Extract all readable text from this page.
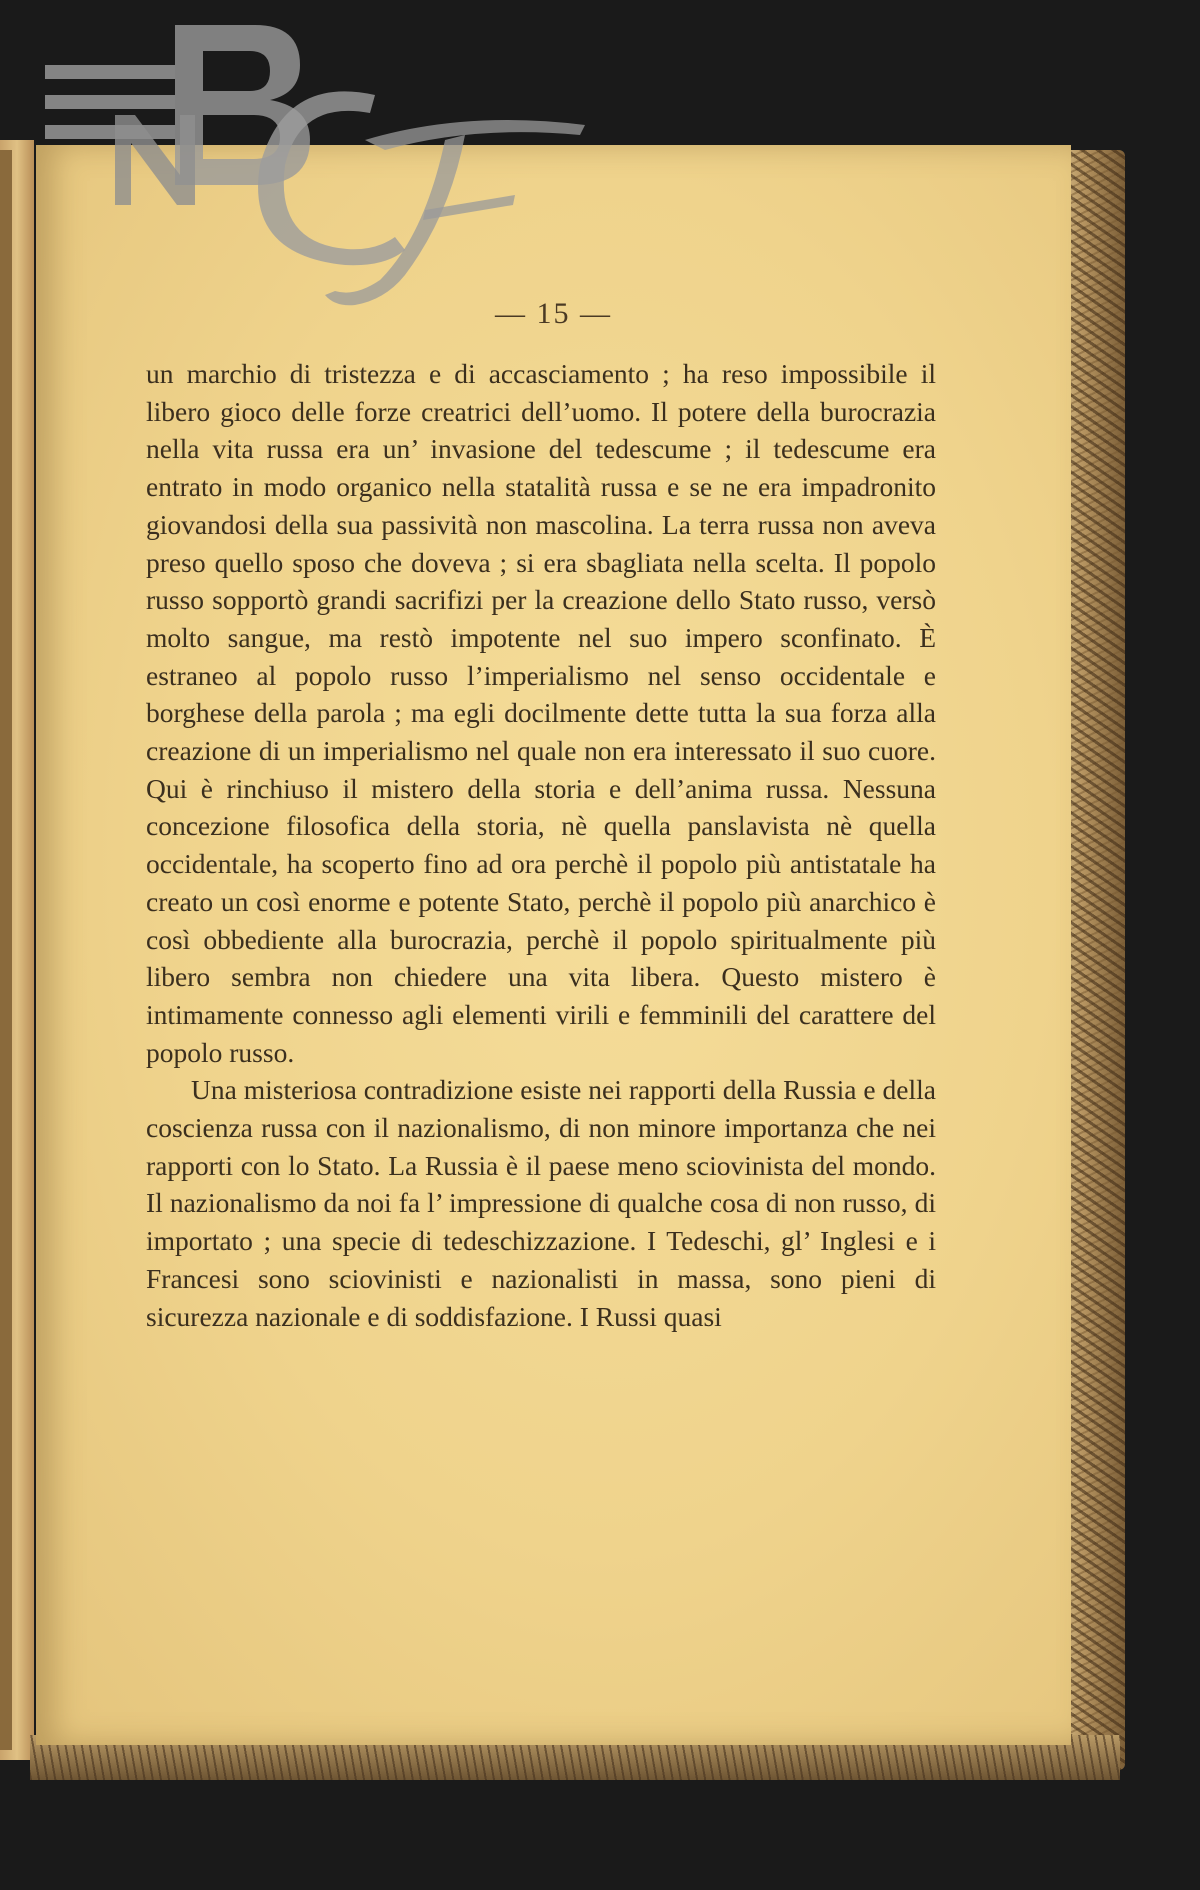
— 15 —

un marchio di tristezza e di accasciamento ; ha reso impossibile il libero gioco delle forze creatrici dell’uomo. Il potere della burocrazia nella vita russa era un’ invasione del tedescume ; il tedescume era entrato in modo organico nella statalità russa e se ne era impadronito giovandosi della sua passività non mascolina. La terra russa non aveva preso quello sposo che doveva ; si era sbagliata nella scelta. Il popolo russo sopportò grandi sacrifizi per la creazione dello Stato russo, versò molto sangue, ma restò impotente nel suo impero sconfinato. È estraneo al popolo russo l’imperialismo nel senso occidentale e borghese della parola ; ma egli docilmente dette tutta la sua forza alla creazione di un imperialismo nel quale non era interessato il suo cuore. Qui è rinchiuso il mistero della storia e dell’anima russa. Nessuna concezione filosofica della storia, nè quella panslavista nè quella occidentale, ha scoperto fino ad ora perchè il popolo più antistatale ha creato un così enorme e potente Stato, perchè il popolo più anarchico è così obbediente alla burocrazia, perchè il popolo spiritualmente più libero sembra non chiedere una vita libera. Questo mistero è intimamente connesso agli elementi virili e femminili del carattere del popolo russo.

Una misteriosa contradizione esiste nei rapporti della Russia e della coscienza russa con il nazionalismo, di non minore importanza che nei rapporti con lo Stato. La Russia è il paese meno sciovinista del mondo. Il nazionalismo da noi fa l’ impressione di qualche cosa di non russo, di importato ; una specie di tedeschizzazione. I Tedeschi, gl’ Inglesi e i Francesi sono sciovinisti e nazionalisti in massa, sono pieni di sicurezza nazionale e di soddisfazione. I Russi quasi

BNCF
